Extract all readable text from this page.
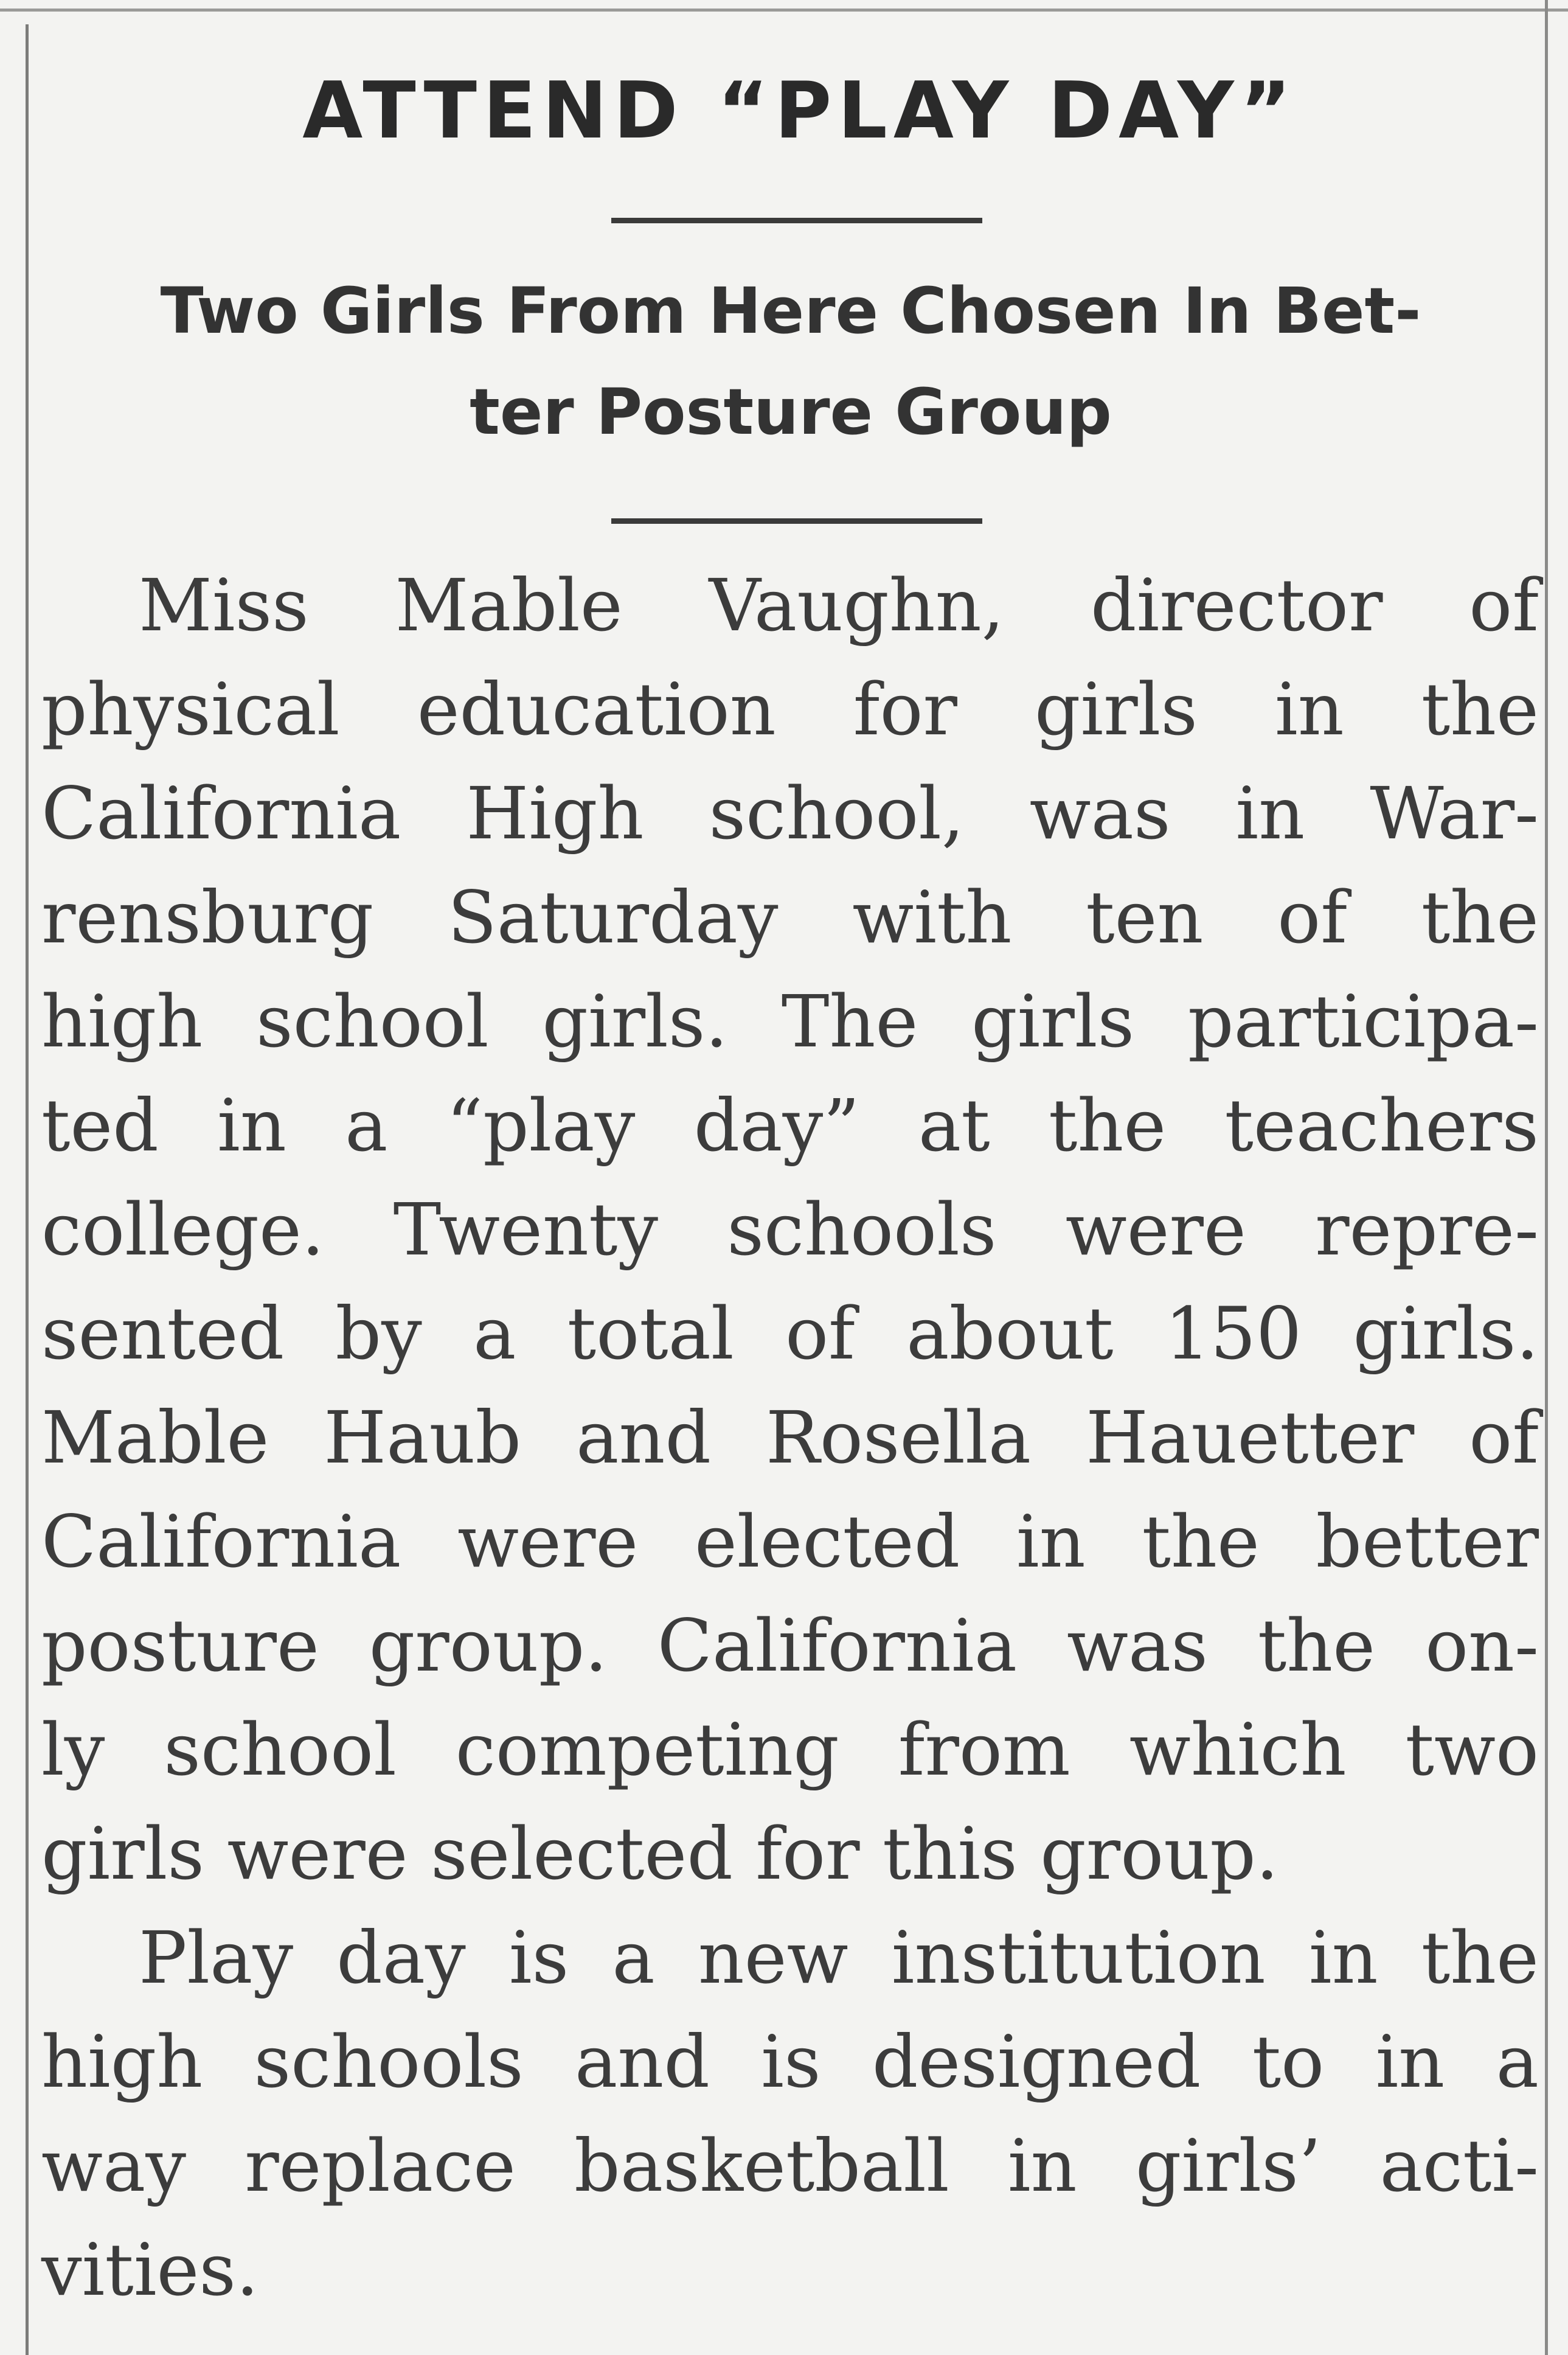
ATTEND “PLAY DAY”
Two Girls From Here Chosen In Bet-
ter Posture Group
Miss Mable Vaughn, director of
physical education for girls in the
California High school, was in War-
rensburg Saturday with ten of the
high school girls. The girls participa-
ted in a “play day” at the teachers
college. Twenty schools were repre-
sented by a total of about 150 girls.
Mable Haub and Rosella Hauetter of
California were elected in the better
posture group. California was the on-
ly school competing from which two
girls were selected for this group.
Play day is a new institution in the
high schools and is designed to in a
way replace basketball in girls’ acti-
vities.
